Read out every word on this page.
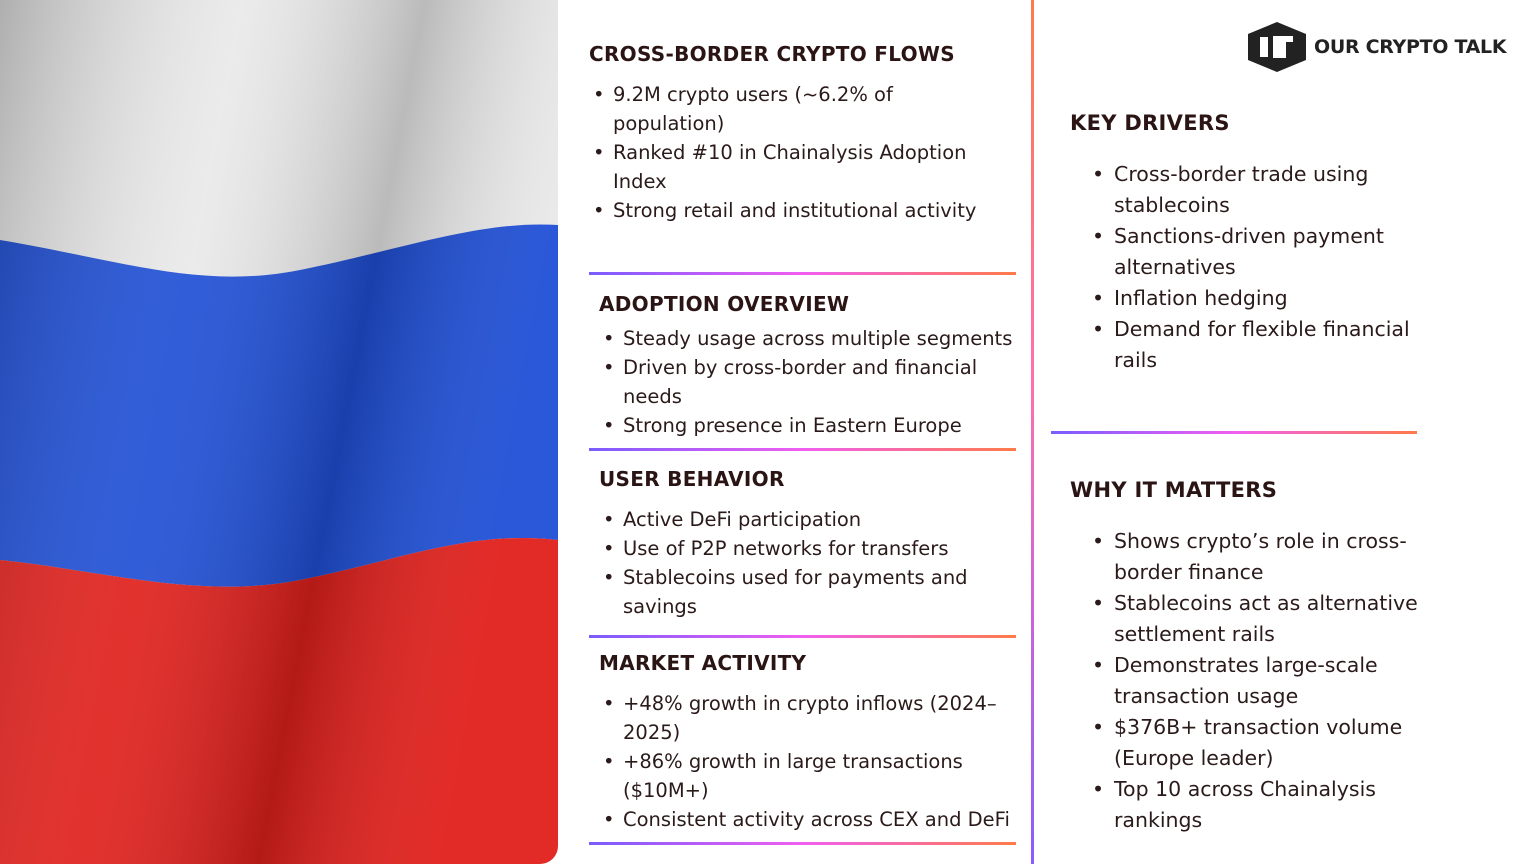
CROSS-BORDER CRYPTO FLOWS
• 9.2M crypto users (~6.2% of population)
• Ranked #10 in Chainalysis Adoption Index
• Strong retail and institutional activity
ADOPTION OVERVIEW
• Steady usage across multiple segments
• Driven by cross-border and financial needs
• Strong presence in Eastern Europe
USER BEHAVIOR
• Active DeFi participation
• Use of P2P networks for transfers
• Stablecoins used for payments and savings
MARKET ACTIVITY
• +48% growth in crypto inflows (2024–2025)
• +86% growth in large transactions ($10M+)
• Consistent activity across CEX and DeFi
OUR CRYPTO TALK
KEY DRIVERS
• Cross-border trade using stablecoins
• Sanctions-driven payment alternatives
• Inflation hedging
• Demand for flexible financial rails
WHY IT MATTERS
• Shows crypto’s role in cross-border finance
• Stablecoins act as alternative settlement rails
• Demonstrates large-scale transaction usage
• $376B+ transaction volume (Europe leader)
• Top 10 across Chainalysis rankings
